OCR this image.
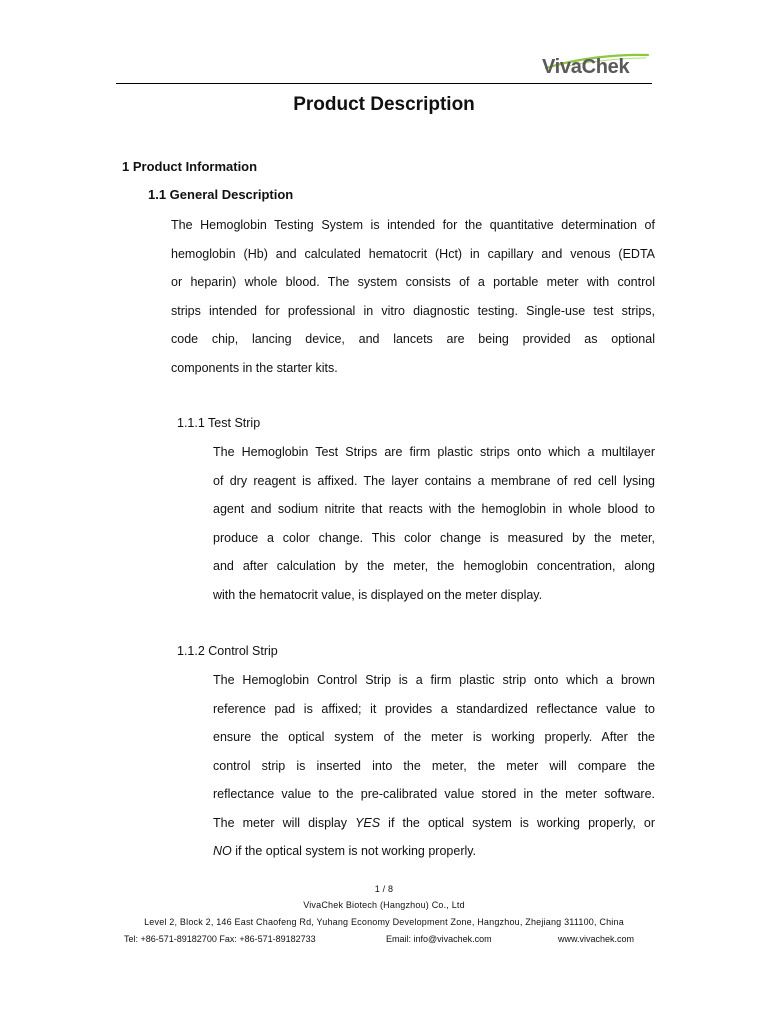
VivaChek
Product Description
1 Product Information
1.1 General Description
The Hemoglobin Testing System is intended for the quantitative determination of
hemoglobin (Hb) and calculated hematocrit (Hct) in capillary and venous (EDTA
or heparin) whole blood. The system consists of a portable meter with control
strips intended for professional in vitro diagnostic testing. Single-use test strips,
code chip, lancing device, and lancets are being provided as optional
components in the starter kits.
1.1.1 Test Strip
The Hemoglobin Test Strips are firm plastic strips onto which a multilayer
of dry reagent is affixed. The layer contains a membrane of red cell lysing
agent and sodium nitrite that reacts with the hemoglobin in whole blood to
produce a color change. This color change is measured by the meter,
and after calculation by the meter, the hemoglobin concentration, along
with the hematocrit value, is displayed on the meter display.
1.1.2 Control Strip
The Hemoglobin Control Strip is a firm plastic strip onto which a brown
reference pad is affixed; it provides a standardized reflectance value to
ensure the optical system of the meter is working properly. After the
control strip is inserted into the meter, the meter will compare the
reflectance value to the pre-calibrated value stored in the meter software.
The meter will display YES if the optical system is working properly, or
NO if the optical system is not working properly.
1 / 8
VivaChek Biotech (Hangzhou) Co., Ltd
Level 2, Block 2, 146 East Chaofeng Rd, Yuhang Economy Development Zone, Hangzhou, Zhejiang 311100, China
Tel: +86-571-89182700 Fax: +86-571-89182733	Email: info@vivachek.com	www.vivachek.com
